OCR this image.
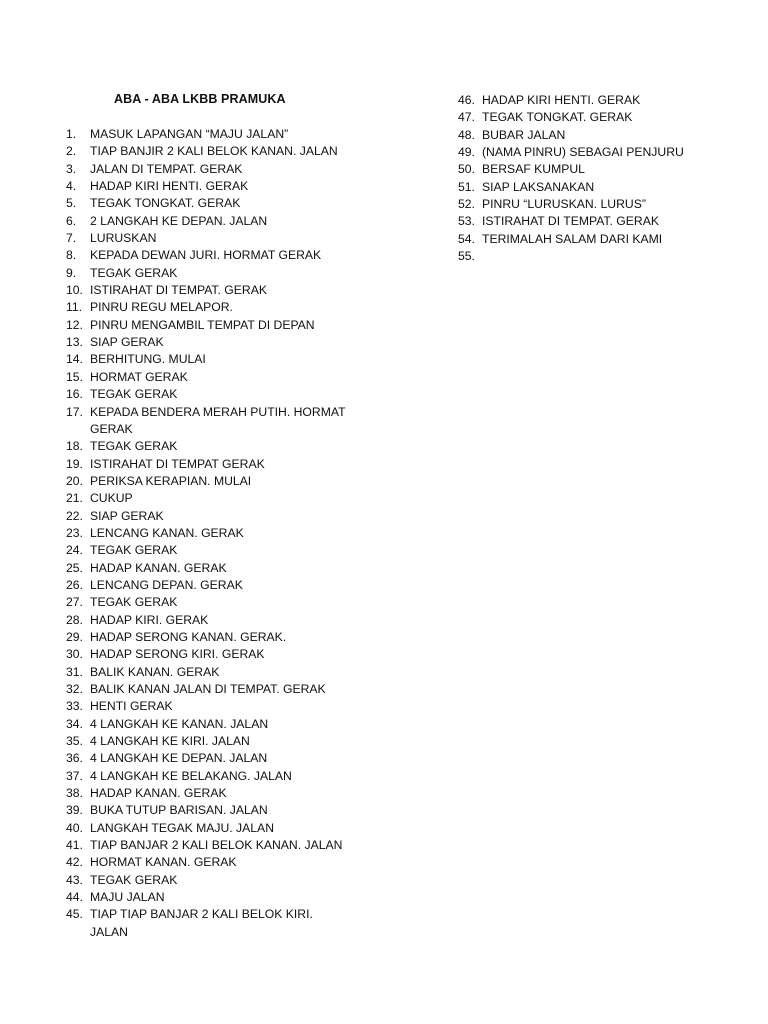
ABA - ABA LKBB PRAMUKA
1.	MASUK LAPANGAN “MAJU JALAN”
2.	TIAP BANJIR 2 KALI BELOK KANAN. JALAN
3.	JALAN DI TEMPAT. GERAK
4.	HADAP KIRI HENTI. GERAK
5.	TEGAK TONGKAT. GERAK
6.	2 LANGKAH KE DEPAN. JALAN
7.	LURUSKAN
8.	KEPADA DEWAN JURI. HORMAT GERAK
9.	TEGAK GERAK
10. ISTIRAHAT DI TEMPAT. GERAK
11. PINRU REGU MELAPOR.
12. PINRU MENGAMBIL TEMPAT DI DEPAN
13. SIAP GERAK
14. BERHITUNG. MULAI
15. HORMAT GERAK
16. TEGAK GERAK
17. KEPADA BENDERA MERAH PUTIH. HORMAT GERAK
18. TEGAK GERAK
19. ISTIRAHAT DI TEMPAT GERAK
20. PERIKSA KERAPIAN. MULAI
21. CUKUP
22. SIAP GERAK
23. LENCANG KANAN. GERAK
24. TEGAK GERAK
25. HADAP KANAN. GERAK
26. LENCANG DEPAN. GERAK
27. TEGAK GERAK
28. HADAP KIRI. GERAK
29. HADAP SERONG KANAN. GERAK.
30. HADAP SERONG KIRI. GERAK
31. BALIK KANAN. GERAK
32. BALIK KANAN JALAN DI TEMPAT. GERAK
33. HENTI GERAK
34. 4 LANGKAH KE KANAN. JALAN
35. 4 LANGKAH KE KIRI. JALAN
36. 4 LANGKAH KE DEPAN. JALAN
37. 4 LANGKAH KE BELAKANG. JALAN
38. HADAP KANAN. GERAK
39. BUKA TUTUP BARISAN. JALAN
40. LANGKAH TEGAK MAJU. JALAN
41. TIAP BANJAR 2 KALI BELOK KANAN. JALAN
42. HORMAT KANAN. GERAK
43. TEGAK GERAK
44. MAJU JALAN
45. TIAP TIAP BANJAR 2 KALI BELOK KIRI. JALAN
46. HADAP KIRI HENTI. GERAK
47. TEGAK TONGKAT. GERAK
48. BUBAR JALAN
49. (NAMA PINRU) SEBAGAI PENJURU
50. BERSAF KUMPUL
51. SIAP LAKSANAKAN
52. PINRU “LURUSKAN. LURUS”
53. ISTIRAHAT DI TEMPAT. GERAK
54. TERIMALAH SALAM DARI KAMI
55.
